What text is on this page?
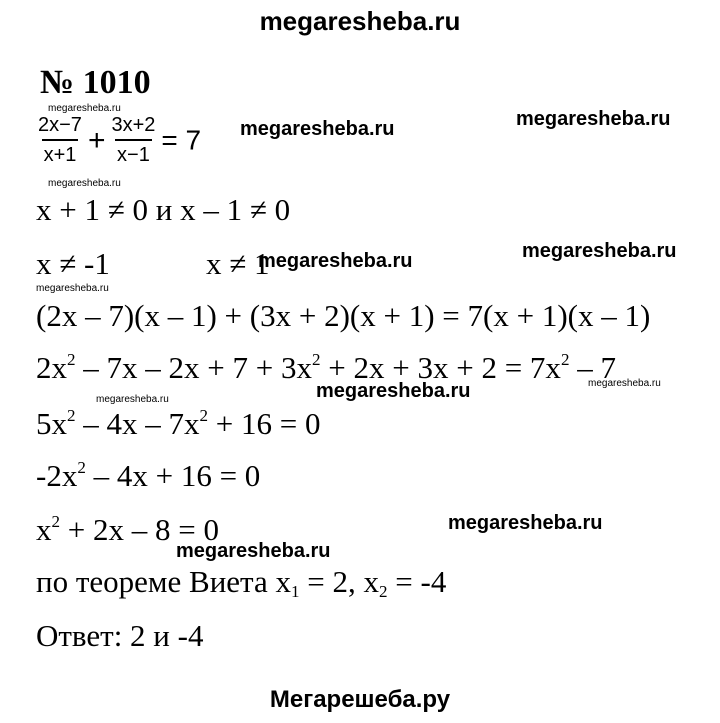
megaresheba.ru
№ 1010
$\frac{2x-7}{x+1} + \frac{3x+2}{x-1} = 7$
x + 1 ≠ 0 и x – 1 ≠ 0
x ≠ -1	x ≠ 1
(2x – 7)(x – 1) + (3x + 2)(x + 1) = 7(x + 1)(x – 1)
$2x^2 - 7x - 2x + 7 + 3x^2 + 2x + 3x + 2 = 7x^2 - 7$
$5x^2 - 4x - 7x^2 + 16 = 0$
$-2x^2 - 4x + 16 = 0$
$x^2 + 2x - 8 = 0$
по теореме Виета $x_1 = 2$, $x_2 = -4$
Ответ: 2 и -4
megaresheba.ru	megaresheba.ru
megaresheba.ru
megaresheba.ru
megaresheba.ru
megaresheba.ru
megaresheba.ru
megaresheba.ru
megaresheba.ru
megaresheba.ru
megaresheba.ru
megaresheba.ru
Мегарешеба.ру
